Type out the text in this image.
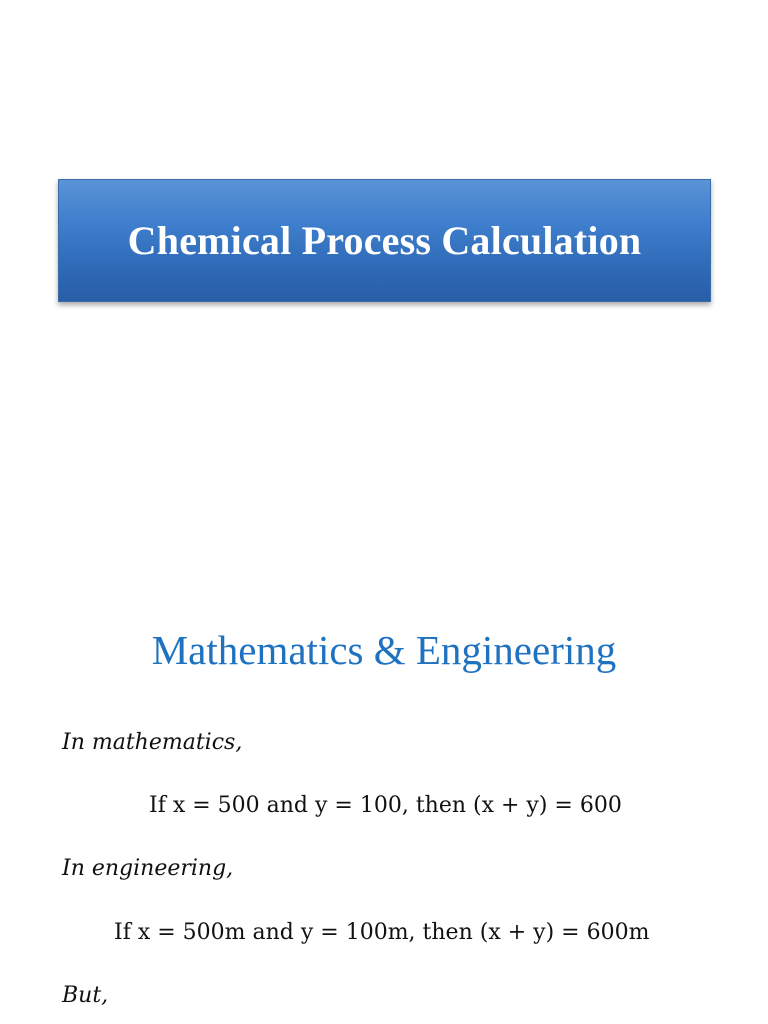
Chemical Process Calculation
Mathematics & Engineering
In mathematics,
If x = 500 and y = 100, then (x + y) = 600
In engineering,
If x = 500m and y = 100m, then (x + y) = 600m
But,
